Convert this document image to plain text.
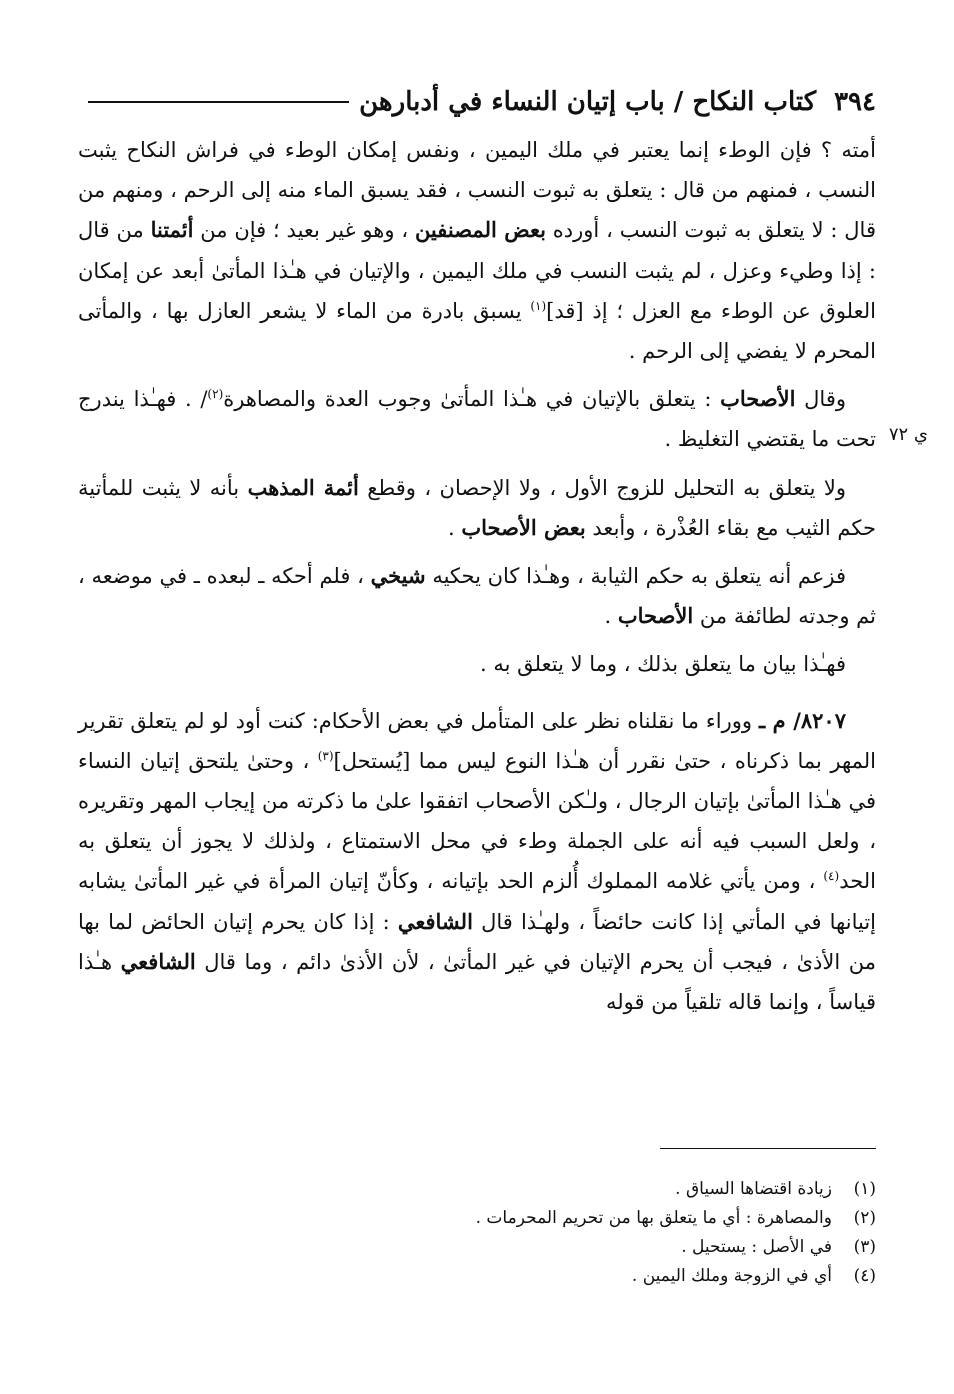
٣٩٤
كتاب النكاح / باب إتيان النساء في أدبارهن
ي ٧٢

أمته ؟ فإن الوطء إنما يعتبر في ملك اليمين ، ونفس إمكان الوطء في فراش النكاح يثبت النسب ، فمنهم من قال : يتعلق به ثبوت النسب ، فقد يسبق الماء منه إلى الرحم ، ومنهم من قال : لا يتعلق به ثبوت النسب ، أورده بعض المصنفين ، وهو غير بعيد ؛ فإن من أئمتنا من قال : إذا وطيء وعزل ، لم يثبت النسب في ملك اليمين ، والإتيان في هـٰذا المأتىٰ أبعد عن إمكان العلوق عن الوطء مع العزل ؛ إذ [قد]$^{(١)}$ يسبق بادرة من الماء لا يشعر العازل بها ، والمأتى المحرم لا يفضي إلى الرحم .

وقال الأصحاب : يتعلق بالإتيان في هـٰذا المأتىٰ وجوب العدة والمصاهرة$^{(٢)}$/ . فهـٰذا يندرج تحت ما يقتضي التغليظ .

ولا يتعلق به التحليل للزوج الأول ، ولا الإحصان ، وقطع أئمة المذهب بأنه لا يثبت للمأتية حكم الثيب مع بقاء العُذْرة ، وأبعد بعض الأصحاب .

فزعم أنه يتعلق به حكم الثيابة ، وهـٰذا كان يحكيه شيخي ، فلم أحكه ـ لبعده ـ في موضعه ، ثم وجدته لطائفة من الأصحاب .

فهـٰذا بيان ما يتعلق بذلك ، وما لا يتعلق به .

٨٢٠٧/ م ـ ووراء ما نقلناه نظر على المتأمل في بعض الأحكام: كنت أود لو لم يتعلق تقرير المهر بما ذكرناه ، حتىٰ نقرر أن هـٰذا النوع ليس مما [يُستحل]$^{(٣)}$ ، وحتىٰ يلتحق إتيان النساء في هـٰذا المأتىٰ بإتيان الرجال ، ولـٰكن الأصحاب اتفقوا علىٰ ما ذكرته من إيجاب المهر وتقريره ، ولعل السبب فيه أنه على الجملة وطء في محل الاستمتاع ، ولذلك لا يجوز أن يتعلق به الحد$^{(٤)}$ ، ومن يأتي غلامه المملوك أُلزم الحد بإتيانه ، وكأنّ إتيان المرأة في غير المأتىٰ يشابه إتيانها في المأتي إذا كانت حائضاً ، ولهـٰذا قال الشافعي : إذا كان يحرم إتيان الحائض لما بها من الأذىٰ ، فيجب أن يحرم الإتيان في غير المأتىٰ ، لأن الأذىٰ دائم ، وما قال الشافعي هـٰذا قياساً ، وإنما قاله تلقياً من قوله

(١)
زيادة اقتضاها السياق .
(٢)
والمصاهرة : أي ما يتعلق بها من تحريم المحرمات .
(٣)
في الأصل : يستحيل .
(٤)
أي في الزوجة وملك اليمين .
